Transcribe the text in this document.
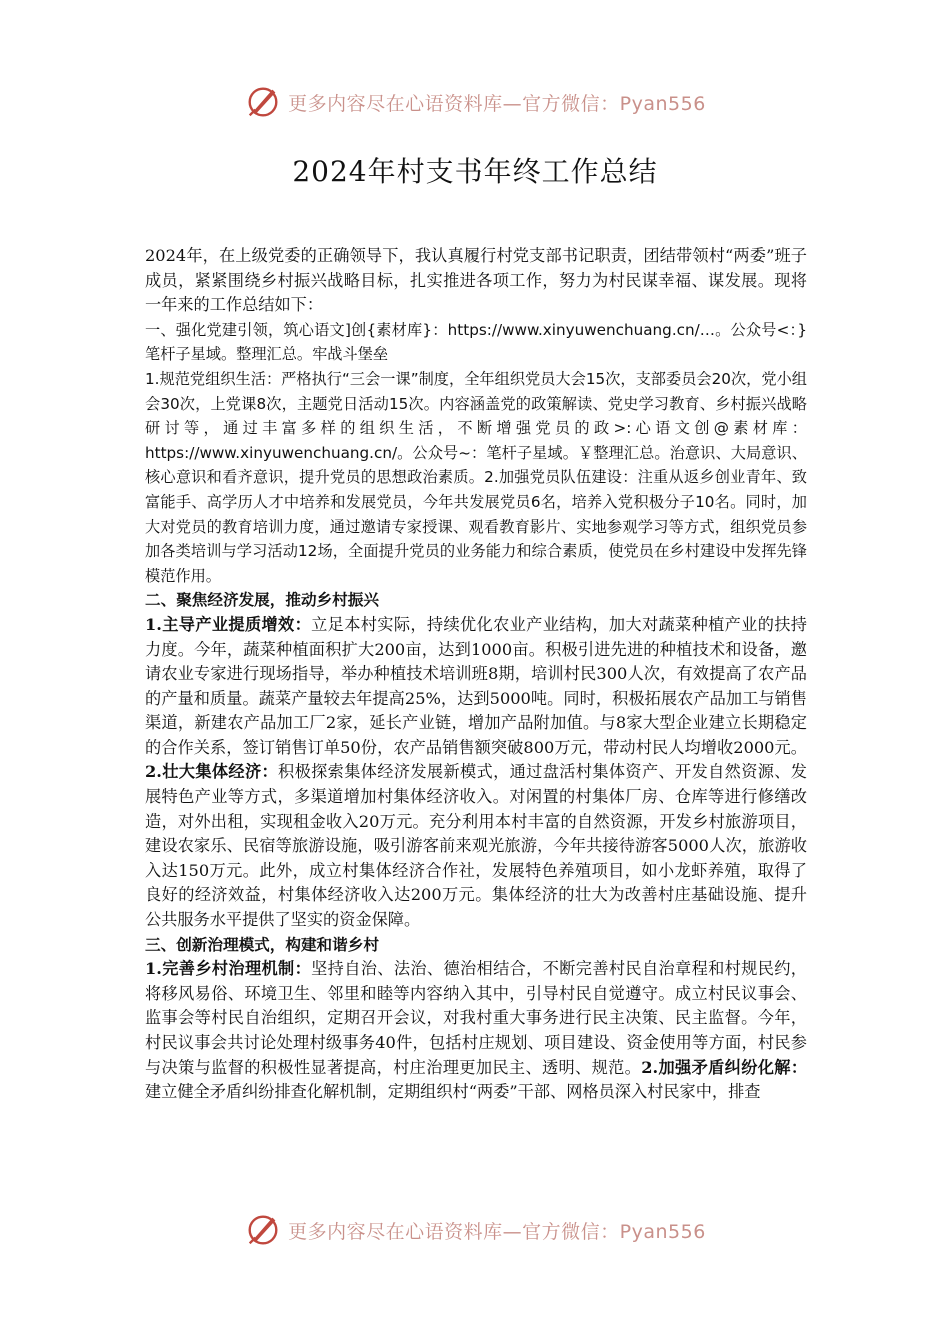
更多内容尽在心语资料库—官方微信：Pyan556
2024年村支书年终工作总结

2024年，在上级党委的正确领导下，我认真履行村党支部书记职责，团结带领村“两委”班子成员，紧紧围绕乡村振兴战略目标，扎实推进各项工作，努力为村民谋幸福、谋发展。现将一年来的工作总结如下：

一、强化党建引领，筑心语文]创{素材库}：https://www.xinyuwenchuang.cn/…。公众号<：}笔杆子星域。整理汇总。牢战斗堡垒

1.规范党组织生活：严格执行“三会一课”制度，全年组织党员大会15次，支部委员会20次，党小组会30次，上党课8次，主题党日活动15次。内容涵盖党的政策解读、党史学习教育、乡村振兴战略研讨等，通过丰富多样的组织生活，不断增强党员的政>:心语文创@素材库：https://www.xinyuwenchuang.cn/。公众号~：笔杆子星域。￥整理汇总。治意识、大局意识、核心意识和看齐意识，提升党员的思想政治素质。2.加强党员队伍建设：注重从返乡创业青年、致富能手、高学历人才中培养和发展党员，今年共发展党员6名，培养入党积极分子10名。同时，加大对党员的教育培训力度，通过邀请专家授课、观看教育影片、实地参观学习等方式，组织党员参加各类培训与学习活动12场，全面提升党员的业务能力和综合素质，使党员在乡村建设中发挥先锋模范作用。

二、聚焦经济发展，推动乡村振兴

1.主导产业提质增效：立足本村实际，持续优化农业产业结构，加大对蔬菜种植产业的扶持力度。今年，蔬菜种植面积扩大200亩，达到1000亩。积极引进先进的种植技术和设备，邀请农业专家进行现场指导，举办种植技术培训班8期，培训村民300人次，有效提高了农产品的产量和质量。蔬菜产量较去年提高25%，达到5000吨。同时，积极拓展农产品加工与销售渠道，新建农产品加工厂2家，延长产业链，增加产品附加值。与8家大型企业建立长期稳定的合作关系，签订销售订单50份，农产品销售额突破800万元，带动村民人均增收2000元。2.壮大集体经济：积极探索集体经济发展新模式，通过盘活村集体资产、开发自然资源、发展特色产业等方式，多渠道增加村集体经济收入。对闲置的村集体厂房、仓库等进行修缮改造，对外出租，实现租金收入20万元。充分利用本村丰富的自然资源，开发乡村旅游项目，建设农家乐、民宿等旅游设施，吸引游客前来观光旅游，今年共接待游客5000人次，旅游收入达150万元。此外，成立村集体经济合作社，发展特色养殖项目，如小龙虾养殖，取得了良好的经济效益，村集体经济收入达200万元。集体经济的壮大为改善村庄基础设施、提升公共服务水平提供了坚实的资金保障。

三、创新治理模式，构建和谐乡村

1.完善乡村治理机制：坚持自治、法治、德治相结合，不断完善村民自治章程和村规民约，将移风易俗、环境卫生、邻里和睦等内容纳入其中，引导村民自觉遵守。成立村民议事会、监事会等村民自治组织，定期召开会议，对我村重大事务进行民主决策、民主监督。今年，村民议事会共讨论处理村级事务40件，包括村庄规划、项目建设、资金使用等方面，村民参与决策与监督的积极性显著提高，村庄治理更加民主、透明、规范。2.加强矛盾纠纷化解：建立健全矛盾纠纷排查化解机制，定期组织村“两委”干部、网格员深入村民家中，排查

更多内容尽在心语资料库—官方微信：Pyan556
